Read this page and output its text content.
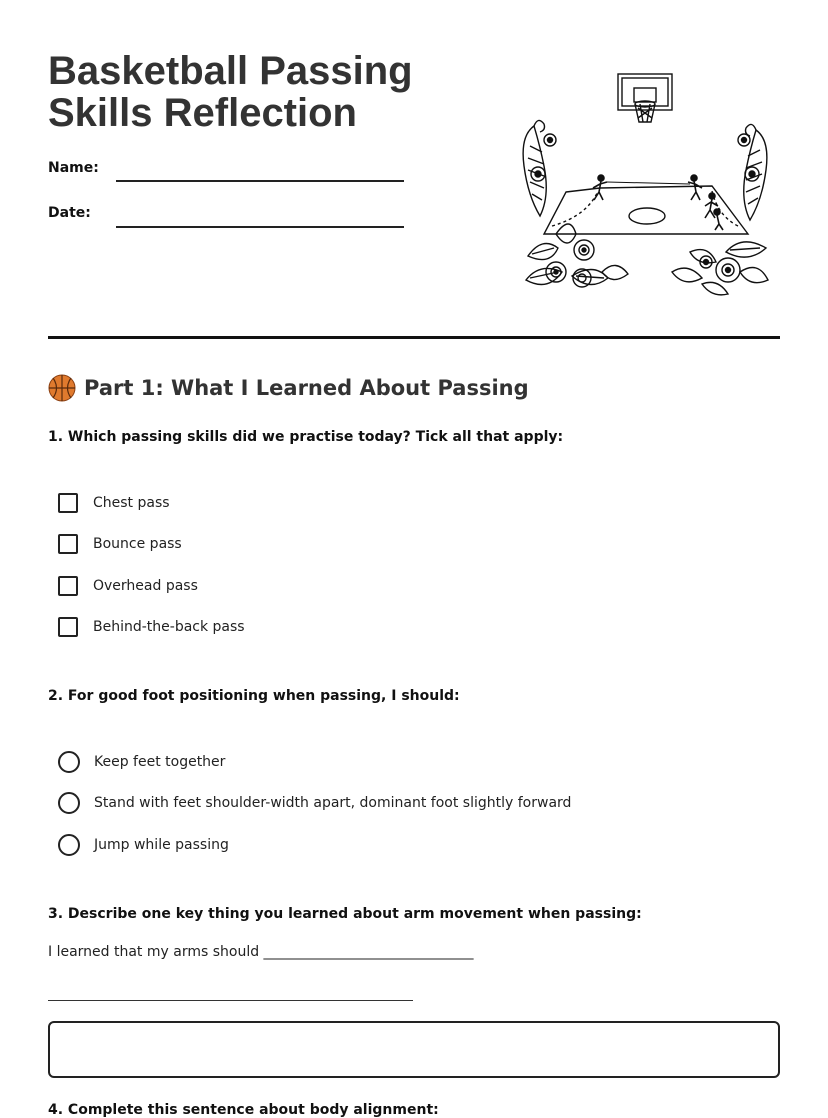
Basketball Passing Skills Reflection
Name:
Date:
Part 1: What I Learned About Passing

1. Which passing skills did we practise today? Tick all that apply:

Chest pass
Bounce pass
Overhead pass
Behind-the-back pass

2. For good foot positioning when passing, I should:

Keep feet together
Stand with feet shoulder-width apart, dominant foot slightly forward
Jump while passing

3. Describe one key thing you learned about arm movement when passing:

I learned that my arms should ______________________________

4. Complete this sentence about body alignment:
